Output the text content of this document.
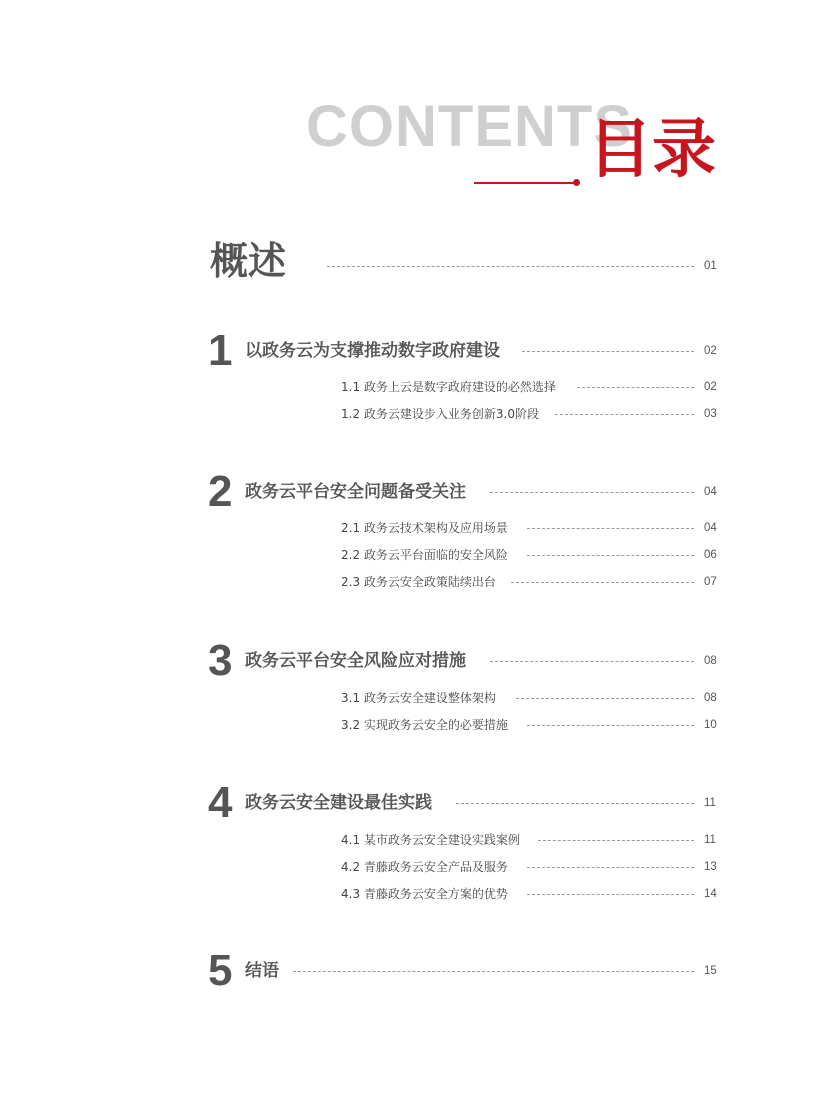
CONTENTS
目录
概述	01
1 以政务云为支撑推动数字政府建设	02
1.1 政务上云是数字政府建设的必然选择	02
1.2 政务云建设步入业务创新3.0阶段	03
2 政务云平台安全问题备受关注	04
2.1 政务云技术架构及应用场景	04
2.2 政务云平台面临的安全风险	06
2.3 政务云安全政策陆续出台	07
3 政务云平台安全风险应对措施	08
3.1 政务云安全建设整体架构	08
3.2 实现政务云安全的必要措施	10
4 政务云安全建设最佳实践	11
4.1 某市政务云安全建设实践案例	11
4.2 青藤政务云安全产品及服务	13
4.3 青藤政务云安全方案的优势	14
5 结语	15
